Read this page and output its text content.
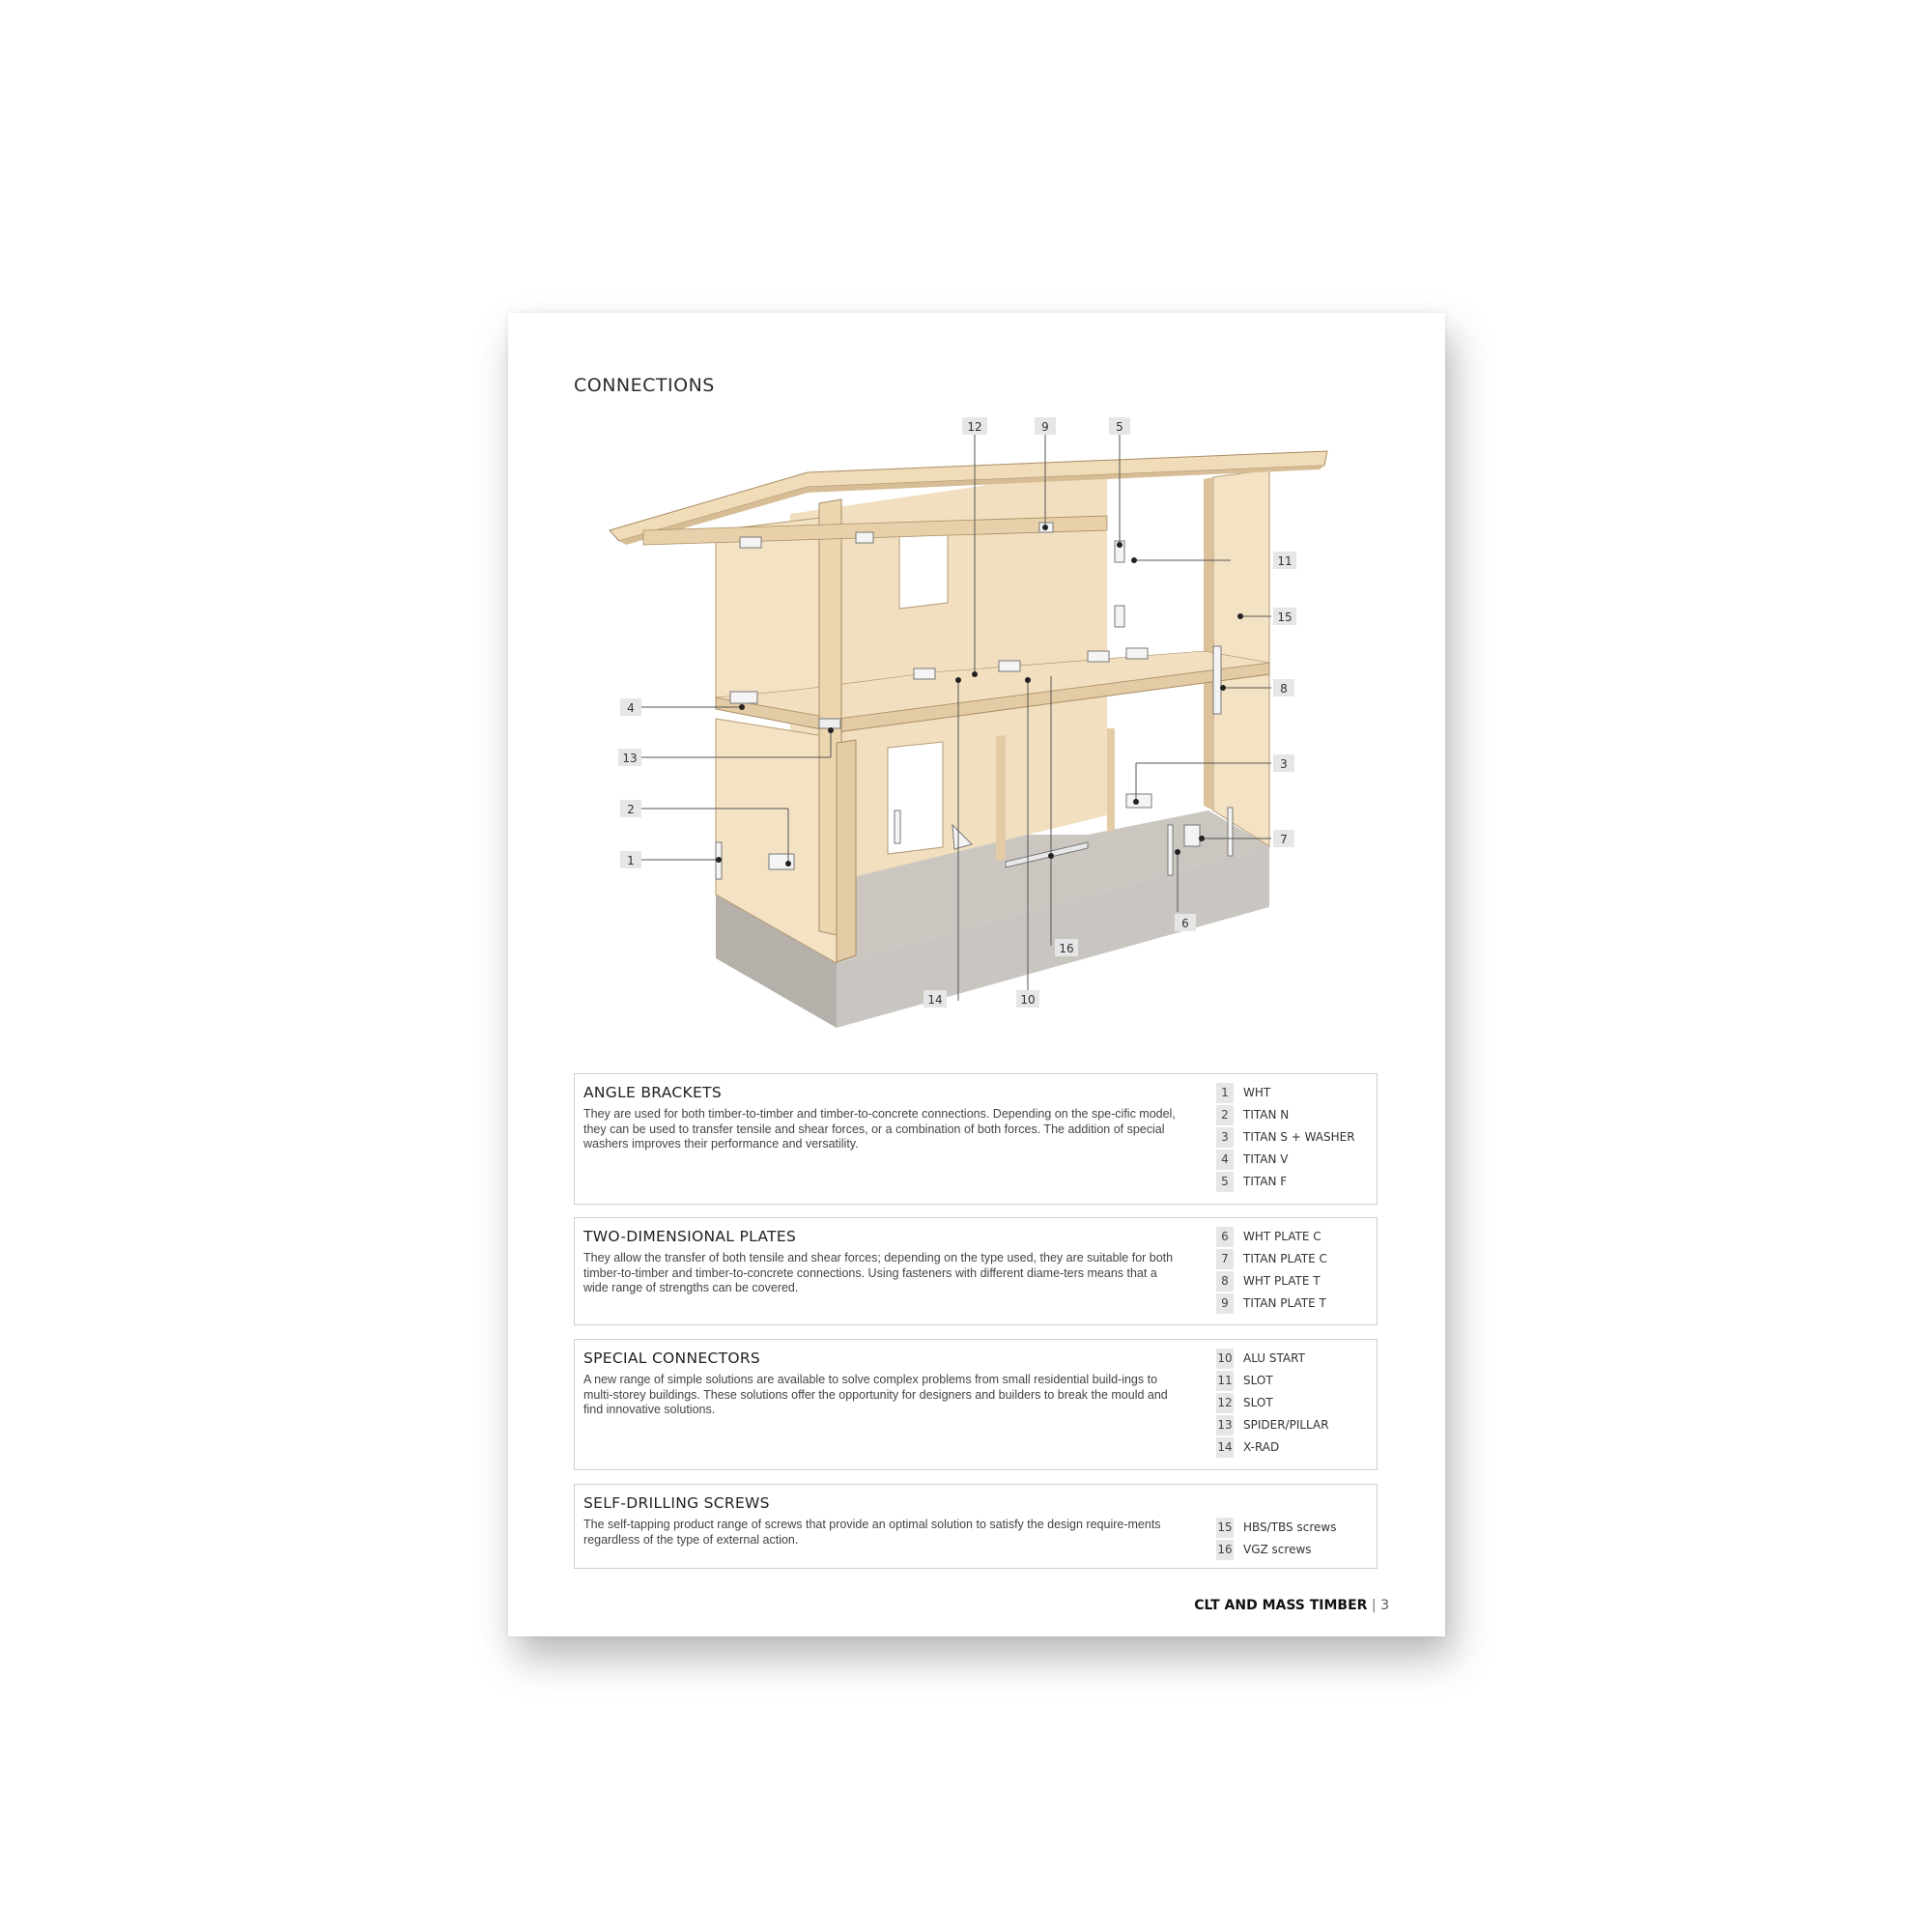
CONNECTIONS
12	9	5
11
15
8
3
7
6
16
10
14
4
13
2
1
ANGLE BRACKETS

They are used for both timber-to-timber and timber-to-concrete connections. Depending on the spe-cific model, they can be used to transfer tensile and shear forces, or a combination of both forces. The addition of special washers improves their performance and versatility.

1	WHT
2	TITAN N
3	TITAN S + WASHER
4	TITAN V
5	TITAN F
TWO-DIMENSIONAL PLATES

They allow the transfer of both tensile and shear forces; depending on the type used, they are suitable for both timber-to-timber and timber-to-concrete connections. Using fasteners with different diame-ters means that a wide range of strengths can be covered.

6	WHT PLATE C
7	TITAN PLATE C
8	WHT PLATE T
9	TITAN PLATE T
SPECIAL CONNECTORS

A new range of simple solutions are available to solve complex problems from small residential build-ings to multi-storey buildings. These solutions offer the opportunity for designers and builders to break the mould and find innovative solutions.

10 ALU START
11 SLOT
12 SLOT
13 SPIDER/PILLAR
14 X-RAD
SELF-DRILLING SCREWS

The self-tapping product range of screws that provide an optimal solution to satisfy the design require-ments regardless of the type of external action.

15 HBS/TBS screws
16 VGZ screws
CLT AND MASS TIMBER | 3
